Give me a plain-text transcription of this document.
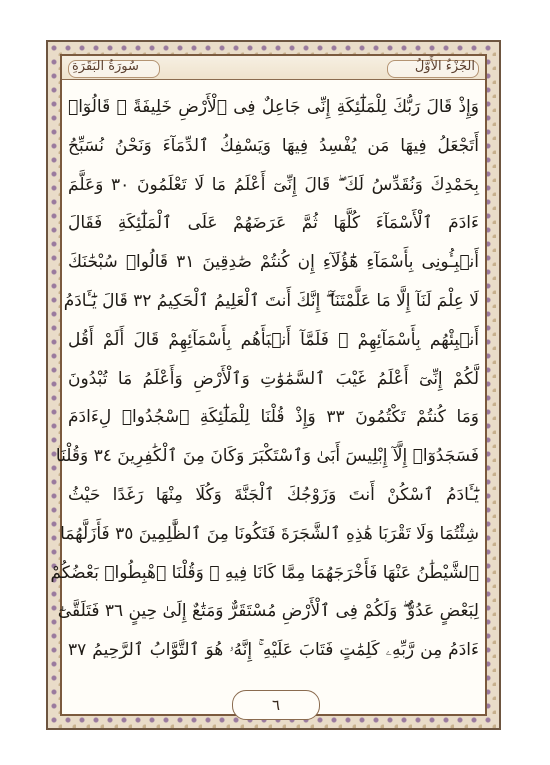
الجُزْءُ الأَوَّلُ
سُورَةُ البَقَرَةِ
وَإِذْ قَالَ رَبُّكَ لِلْمَلَٰٓئِكَةِ إِنِّى جَاعِلٌ فِى ٱلْأَرْضِ خَلِيفَةً ۖ قَالُوٓا۟
أَتَجْعَلُ فِيهَا مَن يُفْسِدُ فِيهَا وَيَسْفِكُ ٱلدِّمَآءَ وَنَحْنُ نُسَبِّحُ
بِحَمْدِكَ وَنُقَدِّسُ لَكَ ۖ قَالَ إِنِّىٓ أَعْلَمُ مَا لَا تَعْلَمُونَ ٣٠ وَعَلَّمَ
ءَادَمَ ٱلْأَسْمَآءَ كُلَّهَا ثُمَّ عَرَضَهُمْ عَلَى ٱلْمَلَٰٓئِكَةِ فَقَالَ
أَنۢبِـُٔونِى بِأَسْمَآءِ هَٰٓؤُلَآءِ إِن كُنتُمْ صَٰدِقِينَ ٣١ قَالُوا۟ سُبْحَٰنَكَ
لَا عِلْمَ لَنَآ إِلَّا مَا عَلَّمْتَنَآ ۖ إِنَّكَ أَنتَ ٱلْعَلِيمُ ٱلْحَكِيمُ ٣٢ قَالَ يَٰٓـَٔادَمُ
أَنۢبِئْهُم بِأَسْمَآئِهِمْ ۖ فَلَمَّآ أَنۢبَأَهُم بِأَسْمَآئِهِمْ قَالَ أَلَمْ أَقُل
لَّكُمْ إِنِّىٓ أَعْلَمُ غَيْبَ ٱلسَّمَٰوَٰتِ وَٱلْأَرْضِ وَأَعْلَمُ مَا تُبْدُونَ
وَمَا كُنتُمْ تَكْتُمُونَ ٣٣ وَإِذْ قُلْنَا لِلْمَلَٰٓئِكَةِ ٱسْجُدُوا۟ لِءَادَمَ
فَسَجَدُوٓا۟ إِلَّآ إِبْلِيسَ أَبَىٰ وَٱسْتَكْبَرَ وَكَانَ مِنَ ٱلْكَٰفِرِينَ ٣٤ وَقُلْنَا
يَٰٓـَٔادَمُ ٱسْكُنْ أَنتَ وَزَوْجُكَ ٱلْجَنَّةَ وَكُلَا مِنْهَا رَغَدًا حَيْثُ
شِئْتُمَا وَلَا تَقْرَبَا هَٰذِهِ ٱلشَّجَرَةَ فَتَكُونَا مِنَ ٱلظَّٰلِمِينَ ٣٥ فَأَزَلَّهُمَا
ٱلشَّيْطَٰنُ عَنْهَا فَأَخْرَجَهُمَا مِمَّا كَانَا فِيهِ ۖ وَقُلْنَا ٱهْبِطُوا۟ بَعْضُكُمْ
لِبَعْضٍ عَدُوٌّ ۖ وَلَكُمْ فِى ٱلْأَرْضِ مُسْتَقَرٌّ وَمَتَٰعٌ إِلَىٰ حِينٍ ٣٦ فَتَلَقَّىٰٓ
ءَادَمُ مِن رَّبِّهِۦ كَلِمَٰتٍ فَتَابَ عَلَيْهِ ۚ إِنَّهُۥ هُوَ ٱلتَّوَّابُ ٱلرَّحِيمُ ٣٧
٦
